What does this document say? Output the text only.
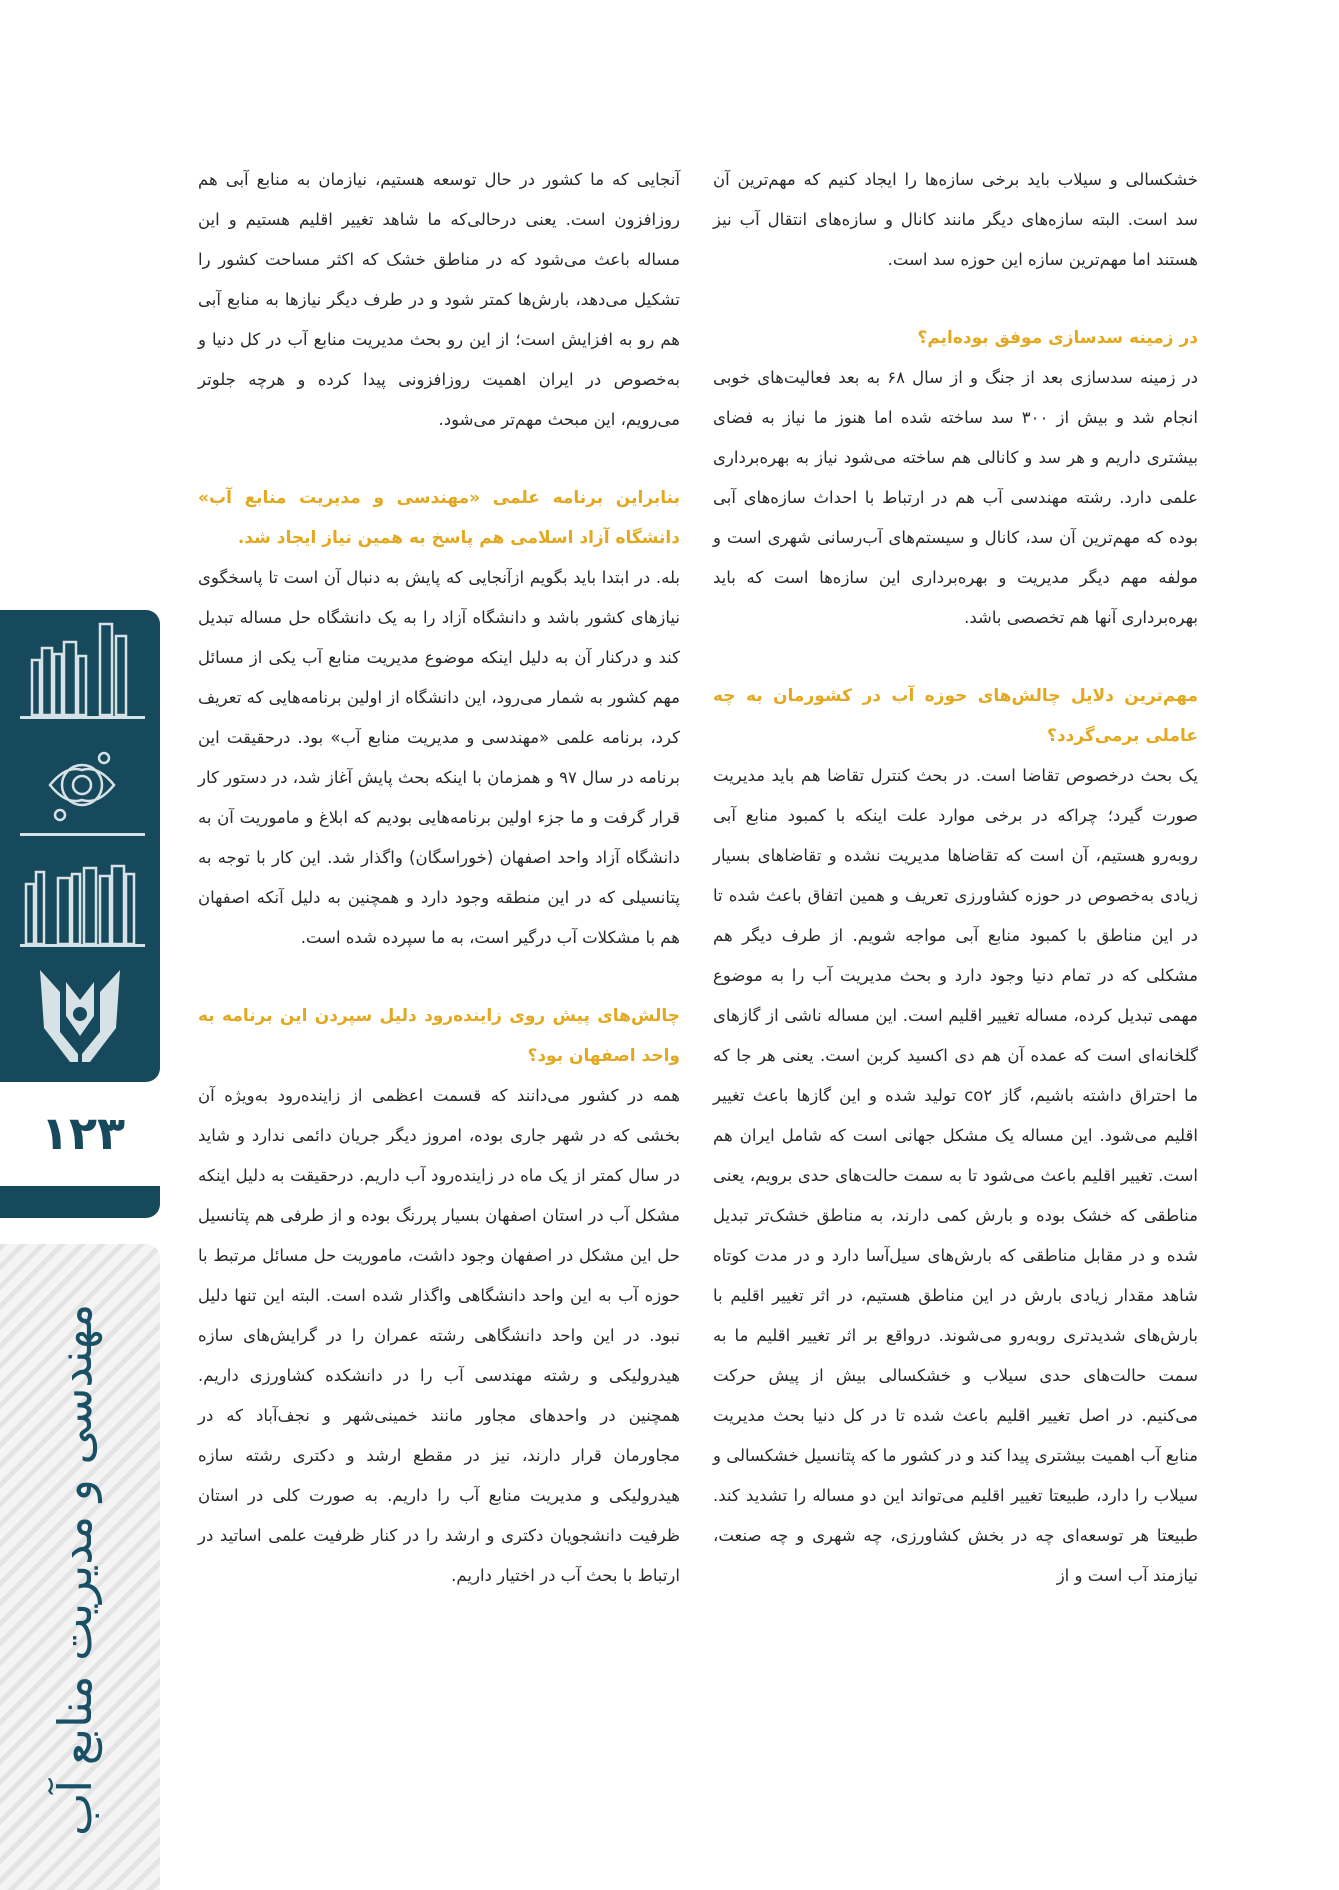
خشکسالی و سیلاب باید برخی سازه‌ها را ایجاد کنیم که مهم‌ترین آن سد است. البته سازه‌های دیگر مانند کانال و سازه‌های انتقال آب نیز هستند اما مهم‌ترین سازه این حوزه سد است.

در زمینه سدسازی موفق بوده‌ایم؟

در زمینه سدسازی بعد از جنگ و از سال ۶۸ به بعد فعالیت‌های خوبی انجام شد و بیش از ۳۰۰ سد ساخته شده اما هنوز ما نیاز به فضای بیشتری داریم و هر سد و کانالی هم ساخته می‌شود نیاز به بهره‌برداری علمی دارد. رشته مهندسی آب هم در ارتباط با احداث سازه‌های آبی بوده که مهم‌ترین آن سد، کانال و سیستم‌های آب‌رسانی شهری است و مولفه مهم دیگر مدیریت و بهره‌برداری این سازه‌ها است که باید بهره‌برداری آنها هم تخصصی باشد.

مهم‌ترین دلایل چالش‌های حوزه آب در کشورمان به چه عاملی برمی‌گردد؟

یک بحث درخصوص تقاضا است. در بحث کنترل تقاضا هم باید مدیریت صورت گیرد؛ چراکه در برخی موارد علت اینکه با کمبود منابع آبی روبه‌رو هستیم، آن است که تقاضاها مدیریت نشده و تقاضاهای بسیار زیادی به‌خصوص در حوزه کشاورزی تعریف و همین اتفاق باعث شده تا در این مناطق با کمبود منابع آبی مواجه شویم. از طرف دیگر هم مشکلی که در تمام دنیا وجود دارد و بحث مدیریت آب را به موضوع مهمی تبدیل کرده، مساله تغییر اقلیم است. این مساله ناشی از گازهای گلخانه‌ای است که عمده آن هم دی اکسید کربن است. یعنی هر جا که ما احتراق داشته باشیم، گاز co۲ تولید شده و این گازها باعث تغییر اقلیم می‌شود. این مساله یک مشکل جهانی است که شامل ایران هم است. تغییر اقلیم باعث می‌شود تا به سمت حالت‌های حدی برویم، یعنی مناطقی که خشک بوده و بارش کمی دارند، به مناطق خشک‌تر تبدیل شده و در مقابل مناطقی که بارش‌های سیل‌آسا دارد و در مدت کوتاه شاهد مقدار زیادی بارش در این مناطق هستیم، در اثر تغییر اقلیم با بارش‌های شدیدتری روبه‌رو می‌شوند. درواقع بر اثر تغییر اقلیم ما به سمت حالت‌های حدی سیلاب و خشکسالی بیش از پیش حرکت می‌کنیم. در اصل تغییر اقلیم باعث شده تا در کل دنیا بحث مدیریت منابع آب اهمیت بیشتری پیدا کند و در کشور ما که پتانسیل خشکسالی و سیلاب را دارد، طبیعتا تغییر اقلیم می‌تواند این دو مساله را تشدید کند. طبیعتا هر توسعه‌ای چه در بخش کشاورزی، چه شهری و چه صنعت، نیازمند آب است و از

آنجایی که ما کشور در حال توسعه هستیم، نیازمان به منابع آبی هم روزافزون است. یعنی درحالی‌که ما شاهد تغییر اقلیم هستیم و این مساله باعث می‌شود که در مناطق خشک که اکثر مساحت کشور را تشکیل می‌دهد، بارش‌ها کمتر شود و در طرف دیگر نیازها به منابع آبی هم رو به افزایش است؛ از این رو بحث مدیریت منابع آب در کل دنیا و به‌خصوص در ایران اهمیت روزافزونی پیدا کرده و هرچه جلوتر می‌رویم، این مبحث مهم‌تر می‌شود.

بنابراین برنامه علمی «مهندسی و مدیریت منابع آب» دانشگاه آزاد اسلامی هم پاسخ به همین نیاز ایجاد شد.

بله. در ابتدا باید بگویم ازآنجایی که پایش به دنبال آن است تا پاسخگوی نیازهای کشور باشد و دانشگاه آزاد را به یک دانشگاه حل مساله تبدیل کند و درکنار آن به دلیل اینکه موضوع مدیریت منابع آب یکی از مسائل مهم کشور به شمار می‌رود، این دانشگاه از اولین برنامه‌هایی که تعریف کرد، برنامه علمی «مهندسی و مدیریت منابع آب» بود. درحقیقت این برنامه در سال ۹۷ و همزمان با اینکه بحث پایش آغاز شد، در دستور کار قرار گرفت و ما جزء اولین برنامه‌هایی بودیم که ابلاغ و ماموریت آن به دانشگاه آزاد واحد اصفهان (خوراسگان) واگذار شد. این کار با توجه به پتانسیلی که در این منطقه وجود دارد و همچنین به دلیل آنکه اصفهان هم با مشکلات آب درگیر است، به ما سپرده شده است.

چالش‌های پیش روی زاینده‌رود دلیل سپردن این برنامه به واحد اصفهان بود؟

همه در کشور می‌دانند که قسمت اعظمی از زاینده‌رود به‌ویژه آن بخشی که در شهر جاری بوده، امروز دیگر جریان دائمی ندارد و شاید در سال کمتر از یک ماه در زاینده‌رود آب داریم. درحقیقت به دلیل اینکه مشکل آب در استان اصفهان بسیار پررنگ بوده و از طرفی هم پتانسیل حل این مشکل در اصفهان وجود داشت، ماموریت حل مسائل مرتبط با حوزه آب به این واحد دانشگاهی واگذار شده است. البته این تنها دلیل نبود. در این واحد دانشگاهی رشته عمران را در گرایش‌های سازه هیدرولیکی و رشته مهندسی آب را در دانشکده کشاورزی داریم. همچنین در واحدهای مجاور مانند خمینی‌شهر و نجف‌آباد که در مجاورمان قرار دارند، نیز در مقطع ارشد و دکتری رشته سازه هیدرولیکی و مدیریت منابع آب را داریم. به صورت کلی در استان ظرفیت دانشجویان دکتری و ارشد را در کنار ظرفیت علمی اساتید در ارتباط با بحث آب در اختیار داریم.

۱۲۳
مهندسی و مدیریت منابع آب
